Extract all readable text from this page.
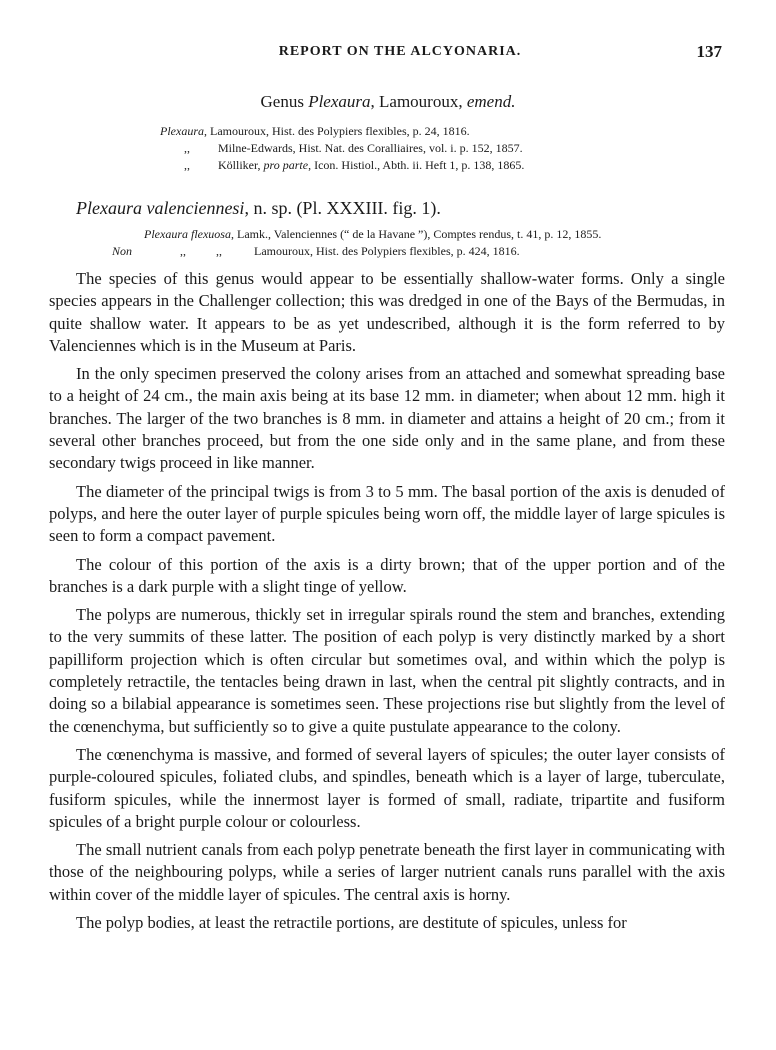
REPORT ON THE ALCYONARIA.	137
Genus Plexaura, Lamouroux, emend.
Plexaura, Lamouroux, Hist. des Polypiers flexibles, p. 24, 1816.
,, Milne-Edwards, Hist. Nat. des Coralliaires, vol. i. p. 152, 1857.
,, Kölliker, pro parte, Icon. Histiol., Abth. ii. Heft 1, p. 138, 1865.
Plexaura valenciennesi, n. sp. (Pl. XXXIII. fig. 1).
Plexaura flexuosa, Lamk., Valenciennes (“ de la Havane ”), Comptes rendus, t. 41, p. 12, 1855.
Non	,,          ,,	Lamouroux, Hist. des Polypiers flexibles, p. 424, 1816.

The species of this genus would appear to be essentially shallow-water forms. Only a single species appears in the Challenger collection; this was dredged in one of the Bays of the Bermudas, in quite shallow water. It appears to be as yet undescribed, although it is the form referred to by Valenciennes which is in the Museum at Paris.

In the only specimen preserved the colony arises from an attached and somewhat spreading base to a height of 24 cm., the main axis being at its base 12 mm. in diameter; when about 12 mm. high it branches. The larger of the two branches is 8 mm. in diameter and attains a height of 20 cm.; from it several other branches proceed, but from the one side only and in the same plane, and from these secondary twigs proceed in like manner.

The diameter of the principal twigs is from 3 to 5 mm. The basal portion of the axis is denuded of polyps, and here the outer layer of purple spicules being worn off, the middle layer of large spicules is seen to form a compact pavement.

The colour of this portion of the axis is a dirty brown; that of the upper portion and of the branches is a dark purple with a slight tinge of yellow.

The polyps are numerous, thickly set in irregular spirals round the stem and branches, extending to the very summits of these latter. The position of each polyp is very distinctly marked by a short papilliform projection which is often circular but sometimes oval, and within which the polyp is completely retractile, the tentacles being drawn in last, when the central pit slightly contracts, and in doing so a bilabial appearance is sometimes seen. These projections rise but slightly from the level of the cœnenchyma, but sufficiently so to give a quite pustulate appearance to the colony.

The cœnenchyma is massive, and formed of several layers of spicules; the outer layer consists of purple-coloured spicules, foliated clubs, and spindles, beneath which is a layer of large, tuberculate, fusiform spicules, while the innermost layer is formed of small, radiate, tripartite and fusiform spicules of a bright purple colour or colourless.

The small nutrient canals from each polyp penetrate beneath the first layer in communicating with those of the neighbouring polyps, while a series of larger nutrient canals runs parallel with the axis within cover of the middle layer of spicules. The central axis is horny.

The polyp bodies, at least the retractile portions, are destitute of spicules, unless for
